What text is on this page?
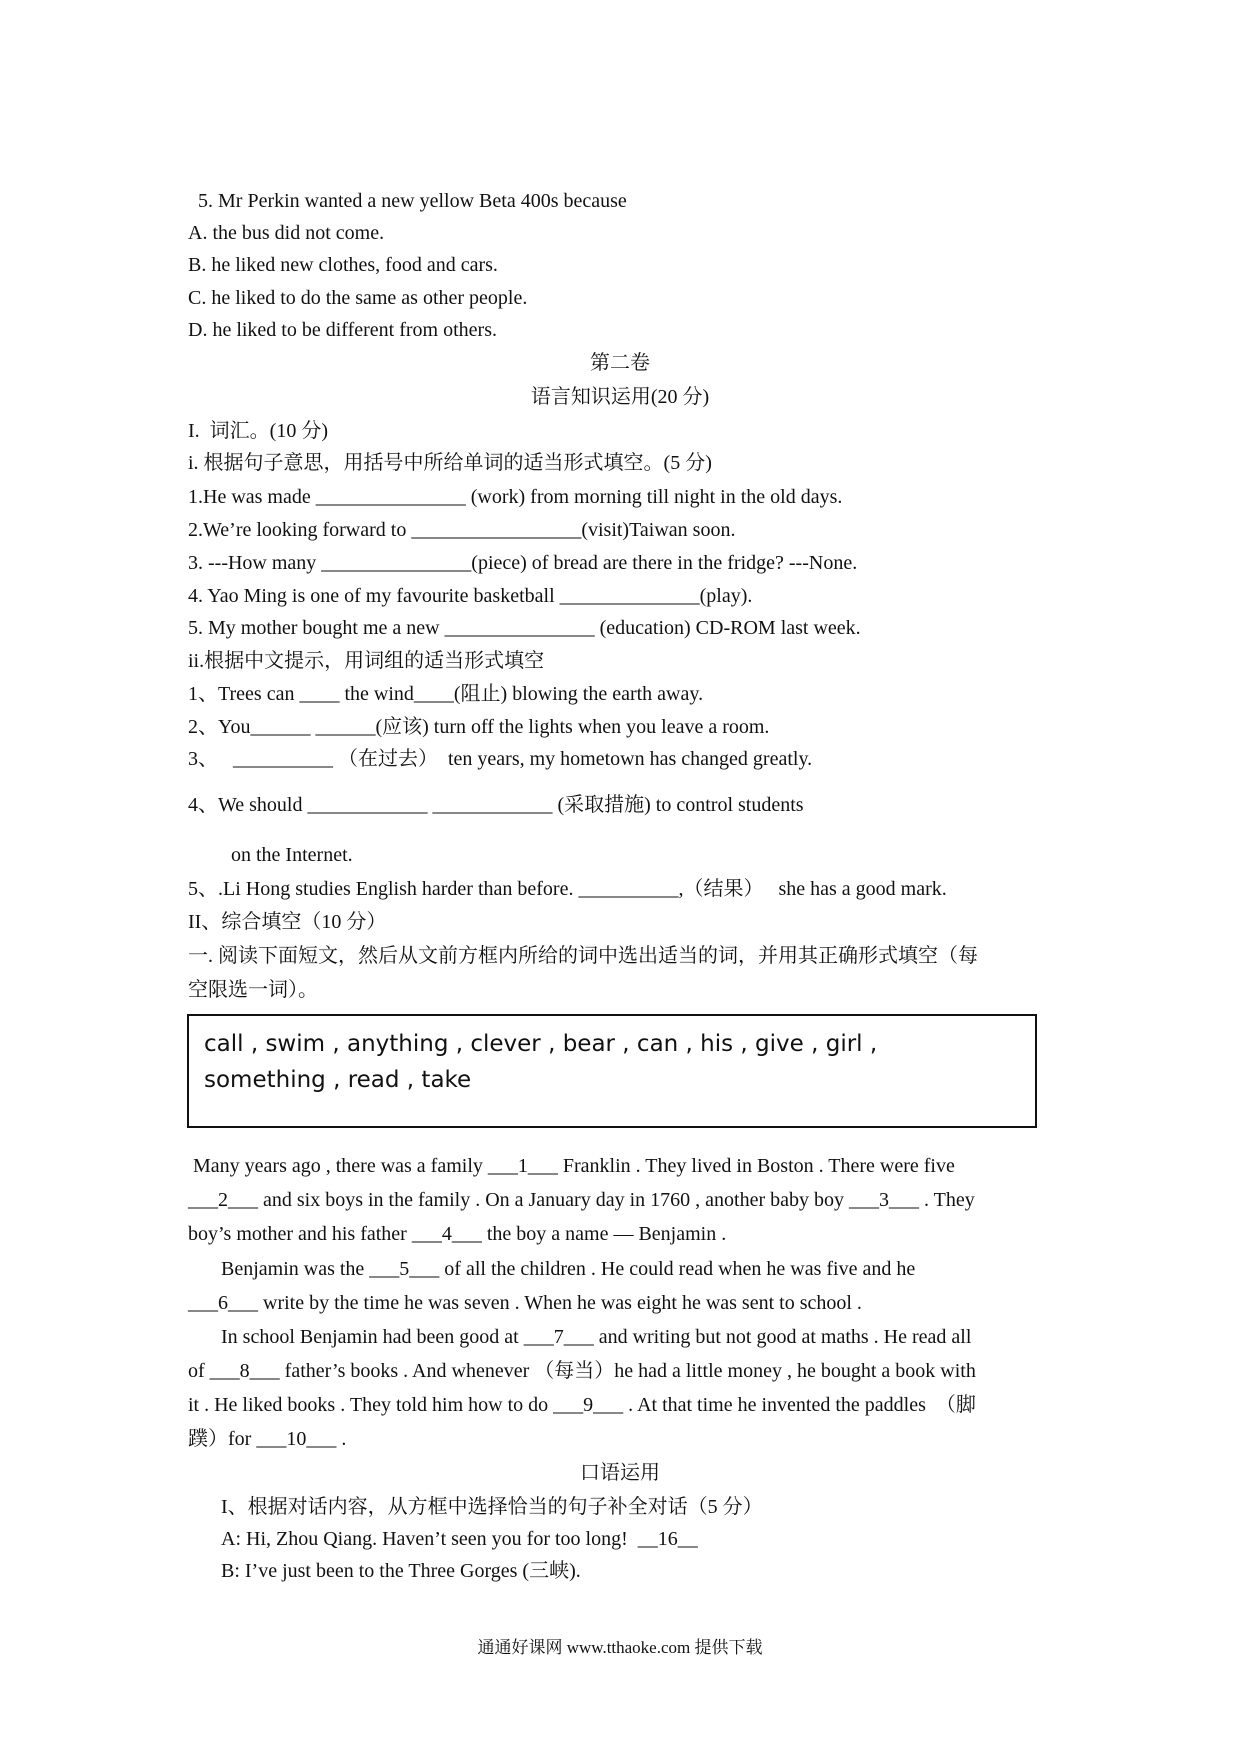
5. Mr Perkin wanted a new yellow Beta 400s because
A. the bus did not come.
B. he liked new clothes, food and cars.
C. he liked to do the same as other people.
D. he liked to be different from others.
第二卷
语言知识运用(20 分)
I.  词汇。(10 分)
i. 根据句子意思，用括号中所给单词的适当形式填空。(5 分)
1.He was made _______________ (work) from morning till night in the old days.
2.We’re looking forward to _________________(visit)Taiwan soon.
3. ---How many _______________(piece) of bread are there in the fridge? ---None.
4. Yao Ming is one of my favourite basketball ______________(play).
5. My mother bought me a new _______________ (education) CD-ROM last week.
ii.根据中文提示，用词组的适当形式填空
1、Trees can ____ the wind____(阻止) blowing the earth away.
2、You______ ______(应该) turn off the lights when you leave a room.
3、   __________ （在过去）  ten years, my hometown has changed greatly.
4、We should ____________ ____________ (采取措施) to control students
on the Internet.
5、.Li Hong studies English harder than before. __________,（结果）   she has a good mark.
II、综合填空（10 分）
一. 阅读下面短文，然后从文前方框内所给的词中选出适当的词，并用其正确形式填空（每
空限选一词）。
call , swim , anything , clever , bear , can , his , give , girl , something , read , take
Many years ago , there was a family ___1___ Franklin . They lived in Boston . There were five
___2___ and six boys in the family . On a January day in 1760 , another baby boy ___3___ . They
boy’s mother and his father ___4___ the boy a name — Benjamin .
Benjamin was the ___5___ of all the children . He could read when he was five and he
___6___ write by the time he was seven . When he was eight he was sent to school .
In school Benjamin had been good at ___7___ and writing but not good at maths . He read all
of ___8___ father’s books . And whenever （每当）he had a little money , he bought a book with
it . He liked books . They told him how to do ___9___ . At that time he invented the paddles  （脚
蹼）for ___10___ .
口语运用
I、根据对话内容，从方框中选择恰当的句子补全对话（5 分）
A: Hi, Zhou Qiang. Haven’t seen you for too long!  __16__
B: I’ve just been to the Three Gorges (三峡).
通通好课网 www.tthaoke.com 提供下载
